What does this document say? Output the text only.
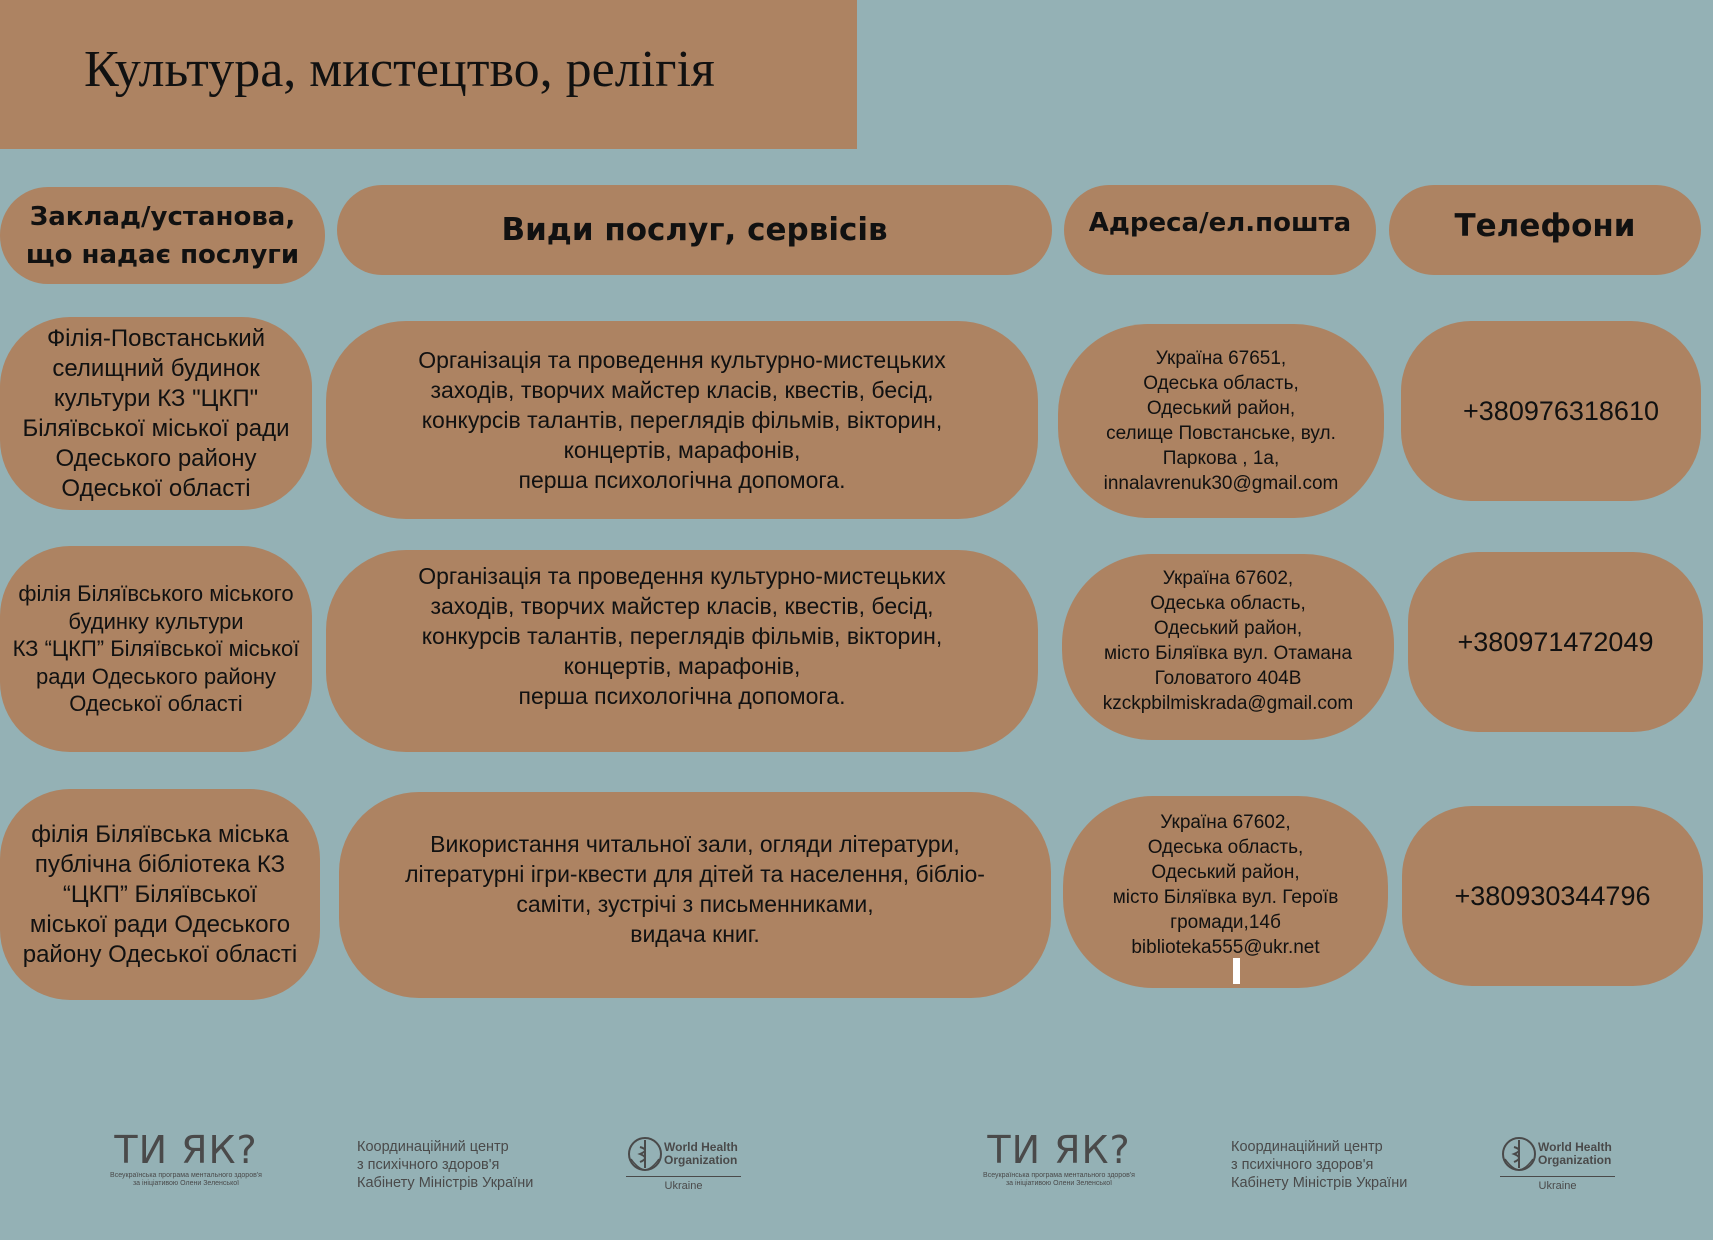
Культура, мистецтво, релігія
Заклад/установа,
що надає послуги
Види послуг, сервісів	Адреса/ел.пошта	Телефони
Філія-Повстанський
селищний будинок
культури КЗ "ЦКП"
Біляївської міської ради
Одеського району
Одеської області
Організація та проведення культурно-мистецьких
заходів, творчих майстер класів, квестів, бесід,
конкурсів талантів, переглядів фільмів, вікторин,
концертів, марафонів,
перша психологічна допомога.
Україна 67651,
Одеська область,
Одеський район,
селище Повстанське, вул.
Паркова , 1а,
innalavrenuk30@gmail.com
+380976318610
філія Біляївського міського
будинку культури
КЗ “ЦКП” Біляївської міської
ради Одеського району
Одеської області
Організація та проведення культурно-мистецьких
заходів, творчих майстер класів, квестів, бесід,
конкурсів талантів, переглядів фільмів, вікторин,
концертів, марафонів,
перша психологічна допомога.
Україна 67602,
Одеська область,
Одеський район,
місто Біляївка вул. Отамана
Головатого 404В
kzckpbilmiskrada@gmail.com
+380971472049
філія Біляївська міська
публічна бібліотека КЗ
“ЦКП” Біляївської
міської ради Одеського
району Одеської області
Використання читальної зали, огляди літератури,
літературні ігри-квести для дітей та населення, бібліо-
саміти, зустрічі з письменниками,
видача книг.
Україна 67602,
Одеська область,
Одеський район,
місто Біляївка вул. Героїв
громади,14б
biblioteka555@ukr.net
+380930344796
ТИ ЯК?
Всеукраїнська програма ментального здоров'я
за ініціативою Олени Зеленської
Координаційний центр
з психічного здоров'я
Кабінету Міністрів України
World Health
Organization
Ukraine
ТИ ЯК?
Всеукраїнська програма ментального здоров'я
за ініціативою Олени Зеленської
Координаційний центр
з психічного здоров'я
Кабінету Міністрів України
World Health
Organization
Ukraine
